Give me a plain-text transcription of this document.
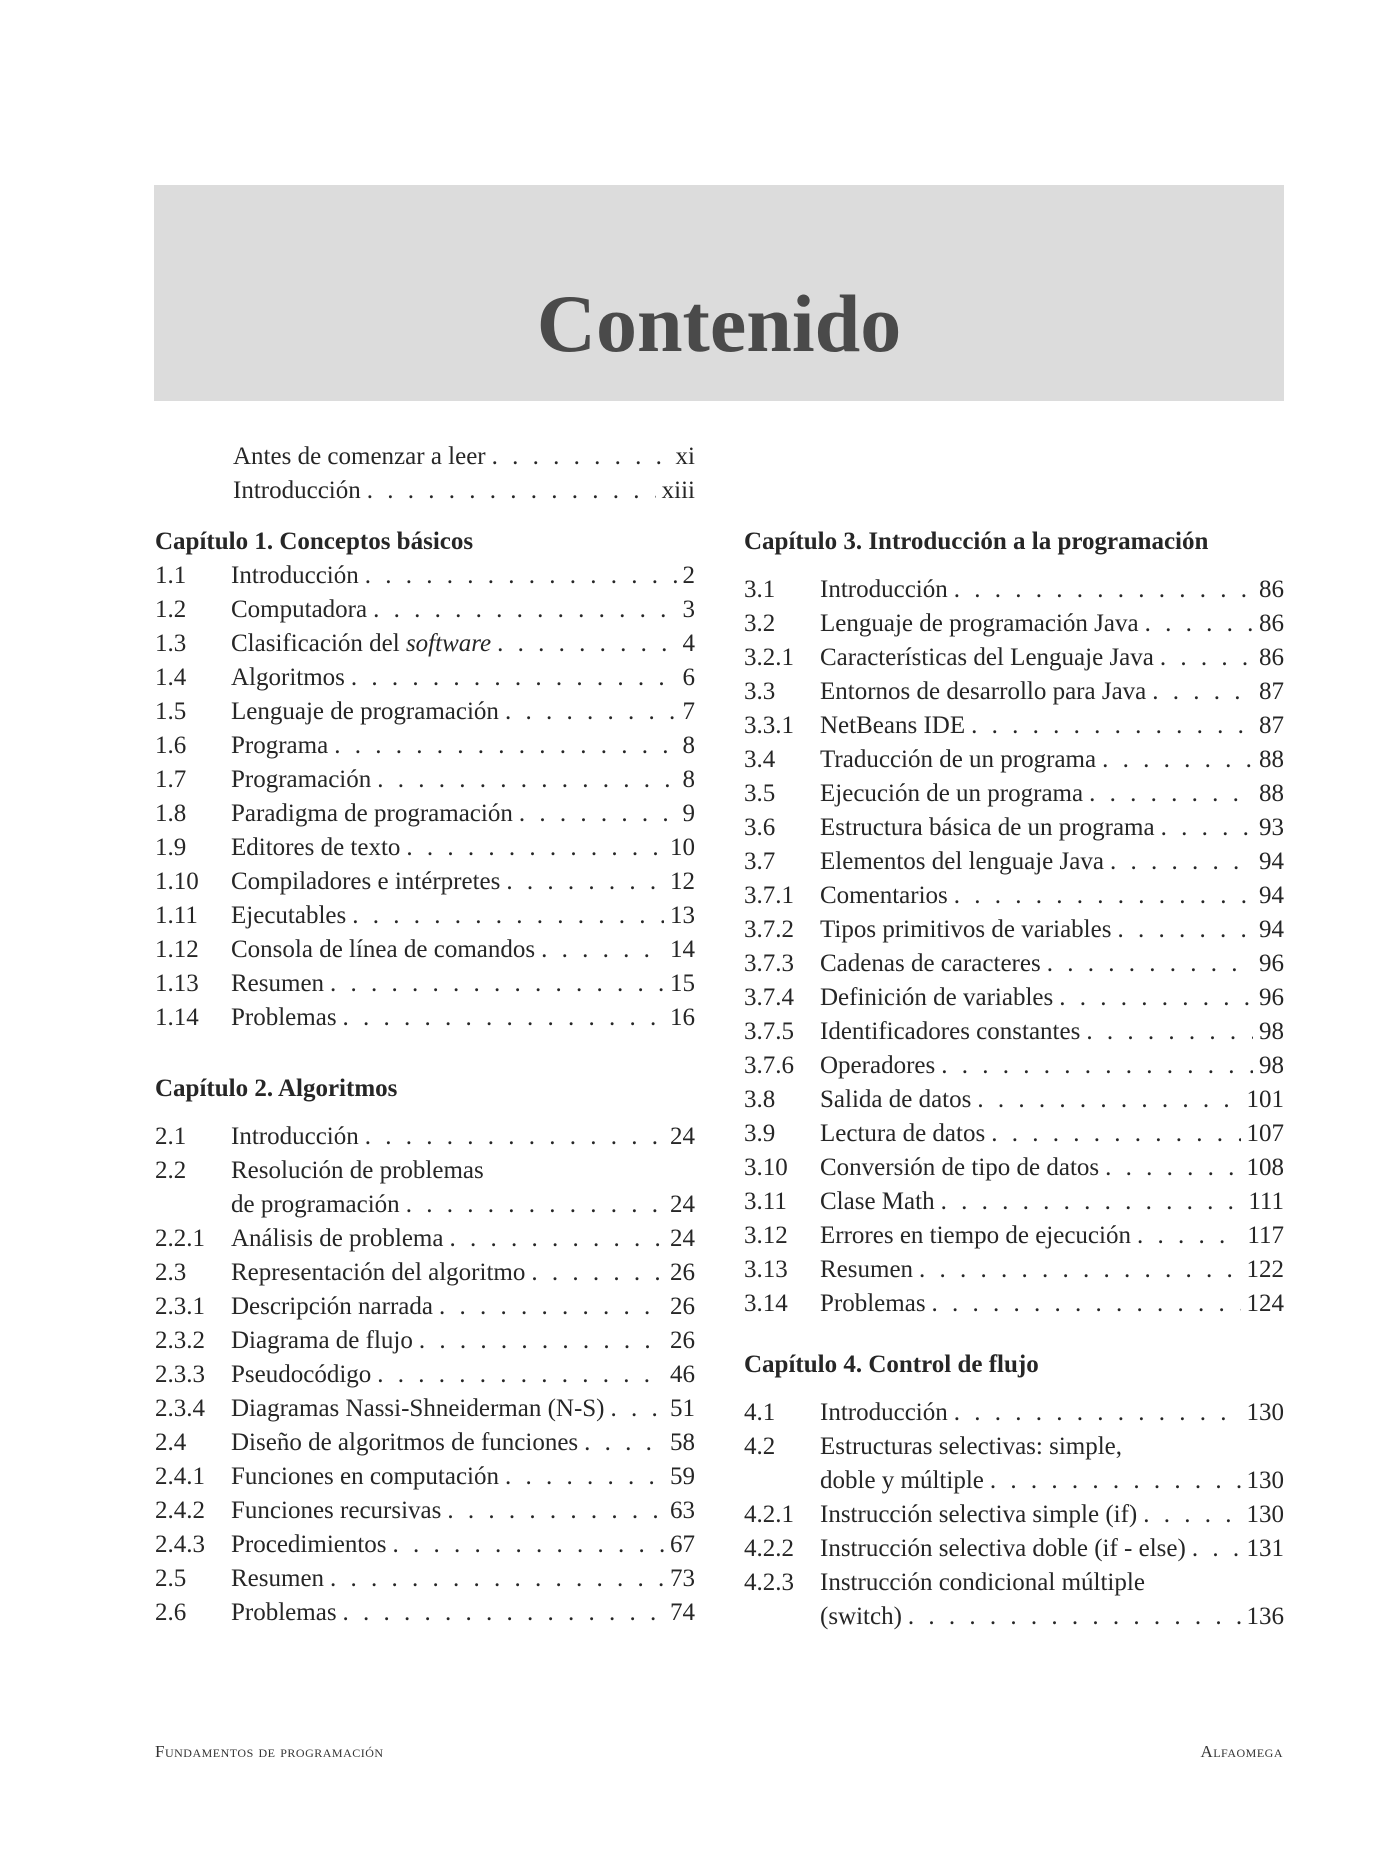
Contenido
Antes de comenzar a leer . . .	xi
Introducción . . .	xiii
Capítulo 1. Conceptos básicos
1.1	Introducción . . .	2
1.2	Computadora . . .	3
1.3	Clasificación del software . . .	4
1.4	Algoritmos . . .	6
1.5	Lenguaje de programación . . .	7
1.6	Programa . . .	8
1.7	Programación . . .	8
1.8	Paradigma de programación . . .	9
1.9	Editores de texto . . .	10
1.10	Compiladores e intérpretes . . .	12
1.11	Ejecutables . . .	13
1.12	Consola de línea de comandos . . .	14
1.13	Resumen . . .	15
1.14	Problemas . . .	16
Capítulo 2. Algoritmos
2.1	Introducción . . .	24
2.2	Resolución de problemas
de programación . . .	24
2.2.1	Análisis de problema . . .	24
2.3	Representación del algoritmo . . .	26
2.3.1	Descripción narrada . . .	26
2.3.2	Diagrama de flujo . . .	26
2.3.3	Pseudocódigo . . .	46
2.3.4	Diagramas Nassi-Shneiderman (N-S) . . .	51
2.4	Diseño de algoritmos de funciones . . .	58
2.4.1	Funciones en computación . . .	59
2.4.2	Funciones recursivas . . .	63
2.4.3	Procedimientos . . .	67
2.5	Resumen . . .	73
2.6	Problemas . . .	74
Capítulo 3. Introducción a la programación
3.1	Introducción . . .	86
3.2	Lenguaje de programación Java . . .	86
3.2.1	Características del Lenguaje Java . . .	86
3.3	Entornos de desarrollo para Java . . .	87
3.3.1	NetBeans IDE . . .	87
3.4	Traducción de un programa . . .	88
3.5	Ejecución de un programa . . .	88
3.6	Estructura básica de un programa . . .	93
3.7	Elementos del lenguaje Java . . .	94
3.7.1	Comentarios . . .	94
3.7.2	Tipos primitivos de variables . . .	94
3.7.3	Cadenas de caracteres . . .	96
3.7.4	Definición de variables . . .	96
3.7.5	Identificadores constantes . . .	98
3.7.6	Operadores . . .	98
3.8	Salida de datos . . .	101
3.9	Lectura de datos . . .	107
3.10	Conversión de tipo de datos . . .	108
3.11	Clase Math . . .	111
3.12	Errores en tiempo de ejecución . . .	117
3.13	Resumen . . .	122
3.14	Problemas . . .	124
Capítulo 4. Control de flujo
4.1	Introducción . . .	130
4.2	Estructuras selectivas: simple,
doble y múltiple . . .	130
4.2.1	Instrucción selectiva simple (if) . . .	130
4.2.2	Instrucción selectiva doble (if - else) . . . 131
4.2.3	Instrucción condicional múltiple
(switch) . . .	136
Fundamentos de programación	Alfaomega
